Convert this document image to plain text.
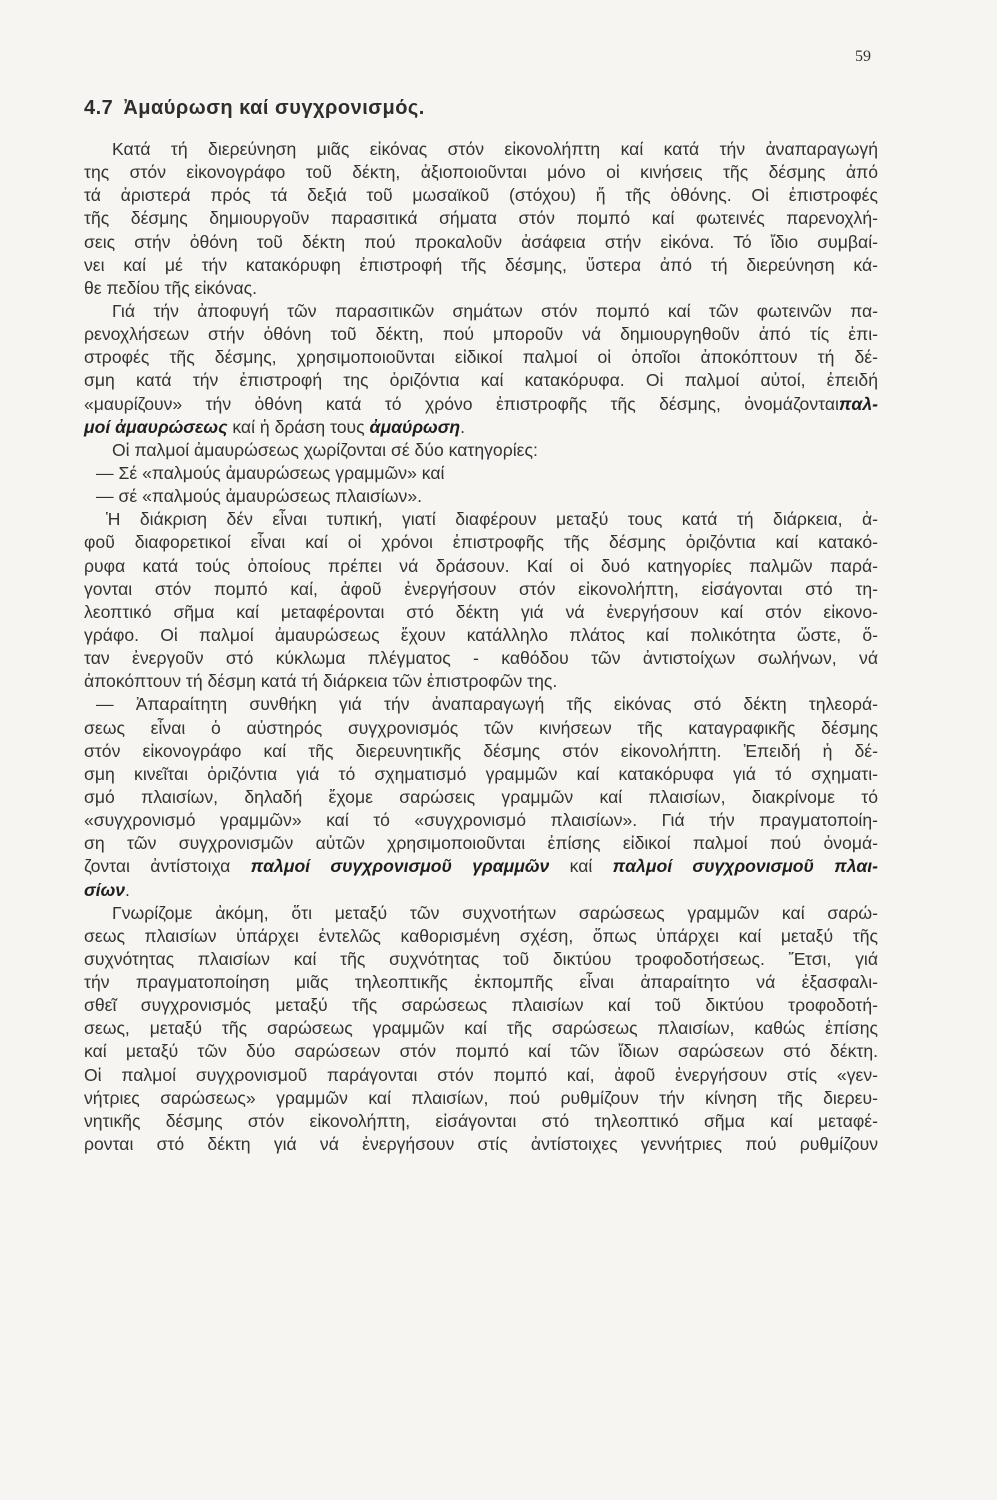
59
4.7 Ἀμαύρωση καί συγχρονισμός.
Κατά τή διερεύνηση μιᾶς εἰκόνας στόν εἰκονολήπτη καί κατά τήν ἀναπαραγωγή
της στόν εἰκονογράφο τοῦ δέκτη, ἀξιοποιοῦνται μόνο οἱ κινήσεις τῆς δέσμης ἀπό
τά ἀριστερά πρός τά δεξιά τοῦ μωσαϊκοῦ (στόχου) ἤ τῆς ὀθόνης. Οἱ ἐπιστροφές
τῆς δέσμης δημιουργοῦν παρασιτικά σήματα στόν πομπό καί φωτεινές παρενοχλή-
σεις στήν ὀθόνη τοῦ δέκτη πού προκαλοῦν ἀσάφεια στήν εἰκόνα. Τό ἴδιο συμβαί-
νει καί μέ τήν κατακόρυφη ἐπιστροφή τῆς δέσμης, ὕστερα ἀπό τή διερεύνηση κά-
θε πεδίου τῆς εἰκόνας.
Γιά τήν ἀποφυγή τῶν παρασιτικῶν σημάτων στόν πομπό καί τῶν φωτεινῶν πα-
ρενοχλήσεων στήν ὀθόνη τοῦ δέκτη, πού μποροῦν νά δημιουργηθοῦν ἀπό τίς ἐπι-
στροφές τῆς δέσμης, χρησιμοποιοῦνται εἰδικοί παλμοί οἱ ὁποῖοι ἀποκόπτουν τή δέ-
σμη κατά τήν ἐπιστροφή της ὁριζόντια καί κατακόρυφα. Οἱ παλμοί αὐτοί, ἐπειδή
«μαυρίζουν» τήν ὀθόνη κατά τό χρόνο ἐπιστροφῆς τῆς δέσμης, ὀνομάζονταιπαλ-
μοί ἀμαυρώσεως καί ἡ δράση τους ἀμαύρωση.
Οἱ παλμοί ἀμαυρώσεως χωρίζονται σέ δύο κατηγορίες:
— Σέ «παλμούς ἀμαυρώσεως γραμμῶν» καί
— σέ «παλμούς ἀμαυρώσεως πλαισίων».
Ἡ διάκριση δέν εἶναι τυπική, γιατί διαφέρουν μεταξύ τους κατά τή διάρκεια, ἀ-
φοῦ διαφορετικοί εἶναι καί οἱ χρόνοι ἐπιστροφῆς τῆς δέσμης ὁριζόντια καί κατακό-
ρυφα κατά τούς ὁποίους πρέπει νά δράσουν. Καί οἱ δυό κατηγορίες παλμῶν παρά-
γονται στόν πομπό καί, ἀφοῦ ἐνεργήσουν στόν εἰκονολήπτη, εἰσάγονται στό τη-
λεοπτικό σῆμα καί μεταφέρονται στό δέκτη γιά νά ἐνεργήσουν καί στόν εἰκονο-
γράφο. Οἱ παλμοί ἀμαυρώσεως ἔχουν κατάλληλο πλάτος καί πολικότητα ὥστε, ὅ-
ταν ἐνεργοῦν στό κύκλωμα πλέγματος - καθόδου τῶν ἀντιστοίχων σωλήνων, νά
ἀποκόπτουν τή δέσμη κατά τή διάρκεια τῶν ἐπιστροφῶν της.
— Ἀπαραίτητη συνθήκη γιά τήν ἀναπαραγωγή τῆς εἰκόνας στό δέκτη τηλεορά-
σεως εἶναι ὁ αὐστηρός συγχρονισμός τῶν κινήσεων τῆς καταγραφικῆς δέσμης
στόν εἰκονογράφο καί τῆς διερευνητικῆς δέσμης στόν εἰκονολήπτη. Ἐπειδή ἡ δέ-
σμη κινεῖται ὁριζόντια γιά τό σχηματισμό γραμμῶν καί κατακόρυφα γιά τό σχηματι-
σμό πλαισίων, δηλαδή ἔχομε σαρώσεις γραμμῶν καί πλαισίων, διακρίνομε τό
«συγχρονισμό γραμμῶν» καί τό «συγχρονισμό πλαισίων». Γιά τήν πραγματοποίη-
ση τῶν συγχρονισμῶν αὐτῶν χρησιμοποιοῦνται ἐπίσης εἰδικοί παλμοί πού ὀνομά-
ζονται ἀντίστοιχα παλμοί συγχρονισμοῦ γραμμῶν καί παλμοί συγχρονισμοῦ πλαι-
σίων.
Γνωρίζομε ἀκόμη, ὅτι μεταξύ τῶν συχνοτήτων σαρώσεως γραμμῶν καί σαρώ-
σεως πλαισίων ὑπάρχει ἐντελῶς καθορισμένη σχέση, ὅπως ὑπάρχει καί μεταξύ τῆς
συχνότητας πλαισίων καί τῆς συχνότητας τοῦ δικτύου τροφοδοτήσεως. Ἔτσι, γιά
τήν πραγματοποίηση μιᾶς τηλεοπτικῆς ἐκπομπῆς εἶναι ἀπαραίτητο νά ἐξασφαλι-
σθεῖ συγχρονισμός μεταξύ τῆς σαρώσεως πλαισίων καί τοῦ δικτύου τροφοδοτή-
σεως, μεταξύ τῆς σαρώσεως γραμμῶν καί τῆς σαρώσεως πλαισίων, καθώς ἐπίσης
καί μεταξύ τῶν δύο σαρώσεων στόν πομπό καί τῶν ἴδιων σαρώσεων στό δέκτη.
Οἱ παλμοί συγχρονισμοῦ παράγονται στόν πομπό καί, ἀφοῦ ἐνεργήσουν στίς «γεν-
νήτριες σαρώσεως» γραμμῶν καί πλαισίων, πού ρυθμίζουν τήν κίνηση τῆς διερευ-
νητικῆς δέσμης στόν εἰκονολήπτη, εἰσάγονται στό τηλεοπτικό σῆμα καί μεταφέ-
ρονται στό δέκτη γιά νά ἐνεργήσουν στίς ἀντίστοιχες γεννήτριες πού ρυθμίζουν
